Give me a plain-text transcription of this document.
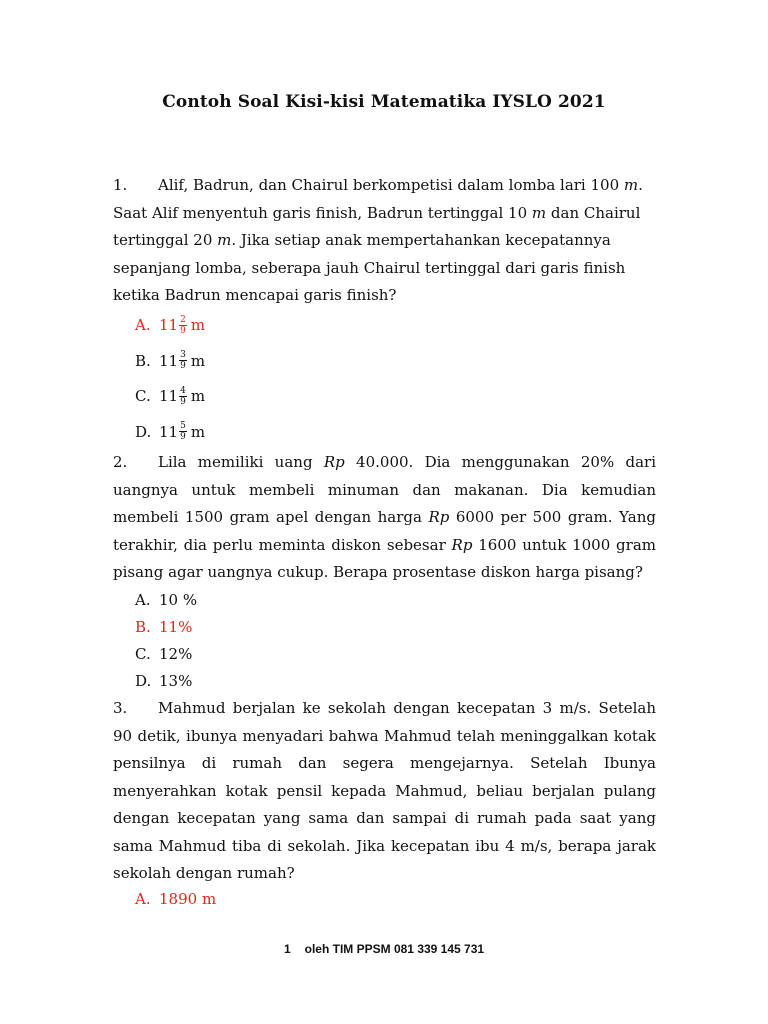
Contoh Soal Kisi-kisi Matematika IYSLO 2021
1. Alif, Badrun, dan Chairul berkompetisi dalam lomba lari 100 m. Saat Alif menyentuh garis finish, Badrun tertinggal 10 m dan Chairul tertinggal 20 m. Jika setiap anak mempertahankan kecepatannya sepanjang lomba, seberapa jauh Chairul tertinggal dari garis finish ketika Badrun mencapai garis finish?
A. $11 \frac{2}{9}$ m
B. $11 \frac{3}{9}$ m
C. $11 \frac{4}{9}$ m
D. $11 \frac{5}{9}$ m
2. Lila memiliki uang Rp 40.000. Dia menggunakan 20% dari uangnya untuk membeli minuman dan makanan. Dia kemudian membeli 1500 gram apel dengan harga Rp 6000 per 500 gram. Yang terakhir, dia perlu meminta diskon sebesar Rp 1600 untuk 1000 gram pisang agar uangnya cukup. Berapa prosentase diskon harga pisang?
A. 10 %
B. 11%
C. 12%
D. 13%
3. Mahmud berjalan ke sekolah dengan kecepatan 3 m/s. Setelah 90 detik, ibunya menyadari bahwa Mahmud telah meninggalkan kotak pensilnya di rumah dan segera mengejarnya. Setelah Ibunya menyerahkan kotak pensil kepada Mahmud, beliau berjalan pulang dengan kecepatan yang sama dan sampai di rumah pada saat yang sama Mahmud tiba di sekolah. Jika kecepatan ibu 4 m/s, berapa jarak sekolah dengan rumah?
A. 1890 m
1 oleh TIM PPSM 081 339 145 731
